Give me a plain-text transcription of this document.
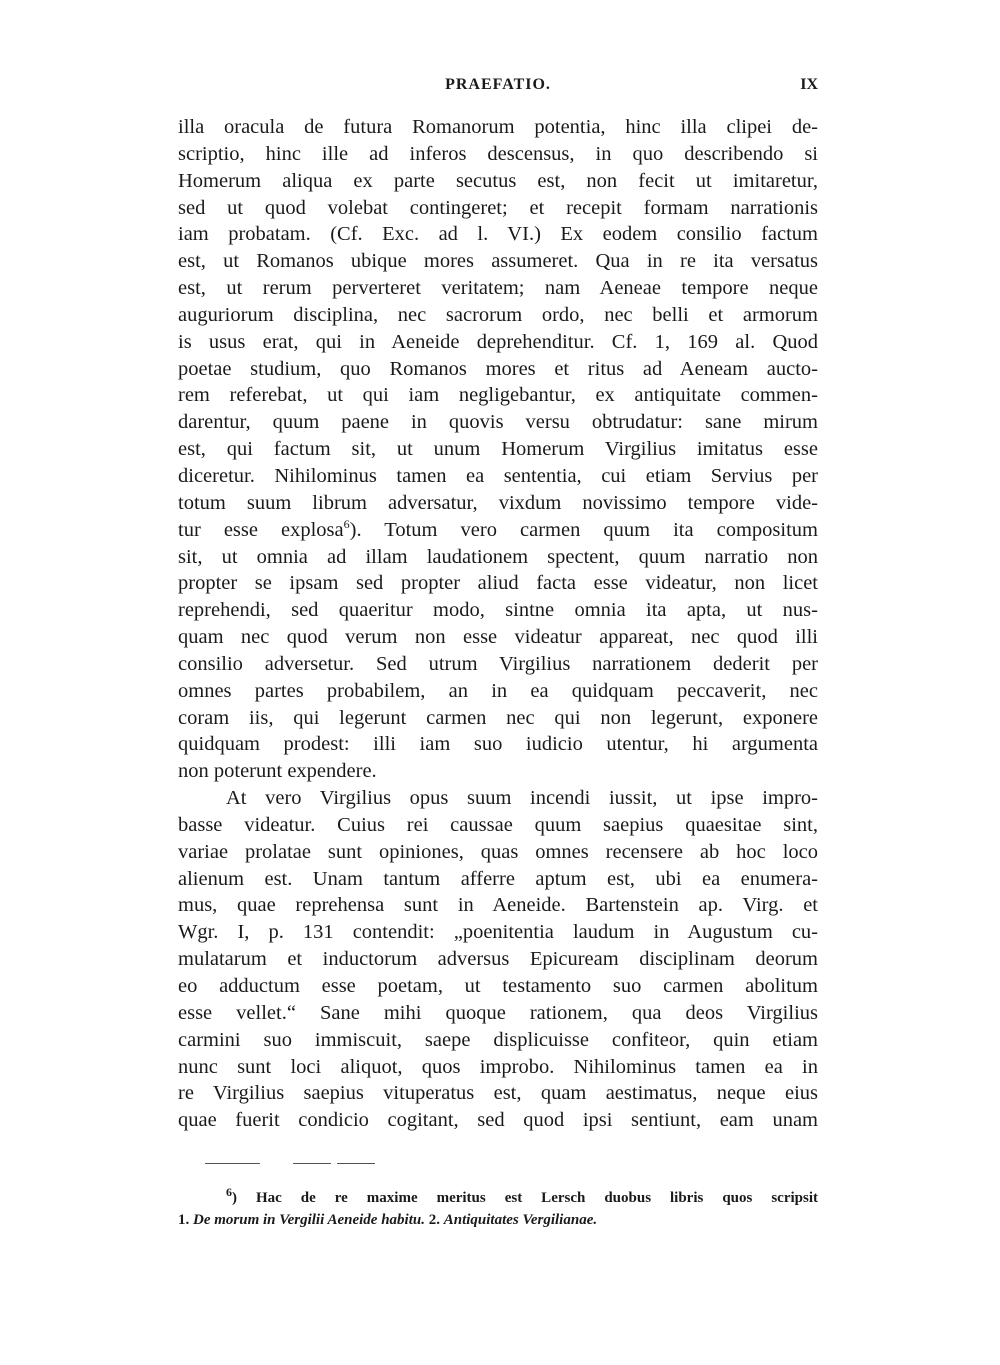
PRAEFATIO.	IX
illa oracula de futura Romanorum potentia, hinc illa clipei de-
scriptio, hinc ille ad inferos descensus, in quo describendo si
Homerum aliqua ex parte secutus est, non fecit ut imitaretur,
sed ut quod volebat contingeret; et recepit formam narrationis
iam probatam. (Cf. Exc. ad l. VI.) Ex eodem consilio factum
est, ut Romanos ubique mores assumeret. Qua in re ita versatus
est, ut rerum perverteret veritatem; nam Aeneae tempore neque
auguriorum disciplina, nec sacrorum ordo, nec belli et armorum
is usus erat, qui in Aeneide deprehenditur. Cf. 1, 169 al. Quod
poetae studium, quo Romanos mores et ritus ad Aeneam aucto-
rem referebat, ut qui iam negligebantur, ex antiquitate commen-
darentur, quum paene in quovis versu obtrudatur: sane mirum
est, qui factum sit, ut unum Homerum Virgilius imitatus esse
diceretur. Nihilominus tamen ea sententia, cui etiam Servius per
totum suum librum adversatur, vixdum novissimo tempore vide-
tur esse explosa$^6$). Totum vero carmen quum ita compositum
sit, ut omnia ad illam laudationem spectent, quum narratio non
propter se ipsam sed propter aliud facta esse videatur, non licet
reprehendi, sed quaeritur modo, sintne omnia ita apta, ut nus-
quam nec quod verum non esse videatur appareat, nec quod illi
consilio adversetur. Sed utrum Virgilius narrationem dederit per
omnes partes probabilem, an in ea quidquam peccaverit, nec
coram iis, qui legerunt carmen nec qui non legerunt, exponere
quidquam prodest: illi iam suo iudicio utentur, hi argumenta
non poterunt expendere.
At vero Virgilius opus suum incendi iussit, ut ipse impro-
basse videatur. Cuius rei caussae quum saepius quaesitae sint,
variae prolatae sunt opiniones, quas omnes recensere ab hoc loco
alienum est. Unam tantum afferre aptum est, ubi ea enumera-
mus, quae reprehensa sunt in Aeneide. Bartenstein ap. Virg. et
Wgr. I, p. 131 contendit: „poenitentia laudum in Augustum cu-
mulatarum et inductorum adversus Epicuream disciplinam deorum
eo adductum esse poetam, ut testamento suo carmen abolitum
esse vellet.“ Sane mihi quoque rationem, qua deos Virgilius
carmini suo immiscuit, saepe displicuisse confiteor, quin etiam
nunc sunt loci aliquot, quos improbo. Nihilominus tamen ea in
re Virgilius saepius vituperatus est, quam aestimatus, neque eius
quae fuerit condicio cogitant, sed quod ipsi sentiunt, eam unam
$^6$) Hac de re maxime meritus est Lersch duobus libris quos scripsit
1. De morum in Vergilii Aeneide habitu. 2. Antiquitates Vergilianae.
